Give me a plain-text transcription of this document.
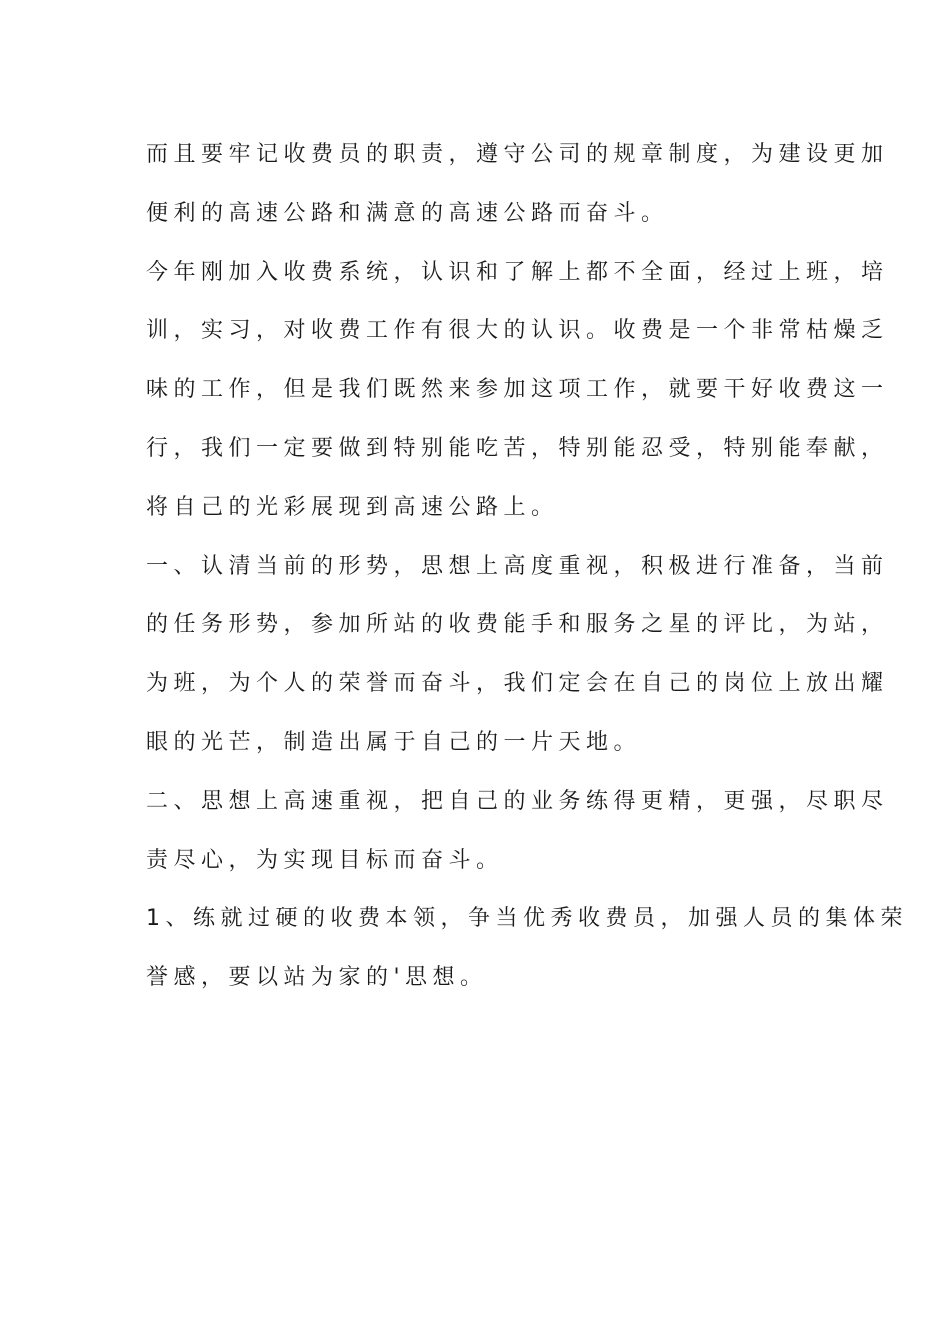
而且要牢记收费员的职责，遵守公司的规章制度，为建设更加
便利的高速公路和满意的高速公路而奋斗。
今年刚加入收费系统，认识和了解上都不全面，经过上班，培
训，实习，对收费工作有很大的认识。收费是一个非常枯燥乏
味的工作，但是我们既然来参加这项工作，就要干好收费这一
行，我们一定要做到特别能吃苦，特别能忍受，特别能奉献，
将自己的光彩展现到高速公路上。
一、认清当前的形势，思想上高度重视，积极进行准备，当前
的任务形势，参加所站的收费能手和服务之星的评比，为站，
为班，为个人的荣誉而奋斗，我们定会在自己的岗位上放出耀
眼的光芒，制造出属于自己的一片天地。
二、思想上高速重视，把自己的业务练得更精，更强，尽职尽
责尽心，为实现目标而奋斗。
1、练就过硬的收费本领，争当优秀收费员，加强人员的集体荣
誉感，要以站为家的'思想。
